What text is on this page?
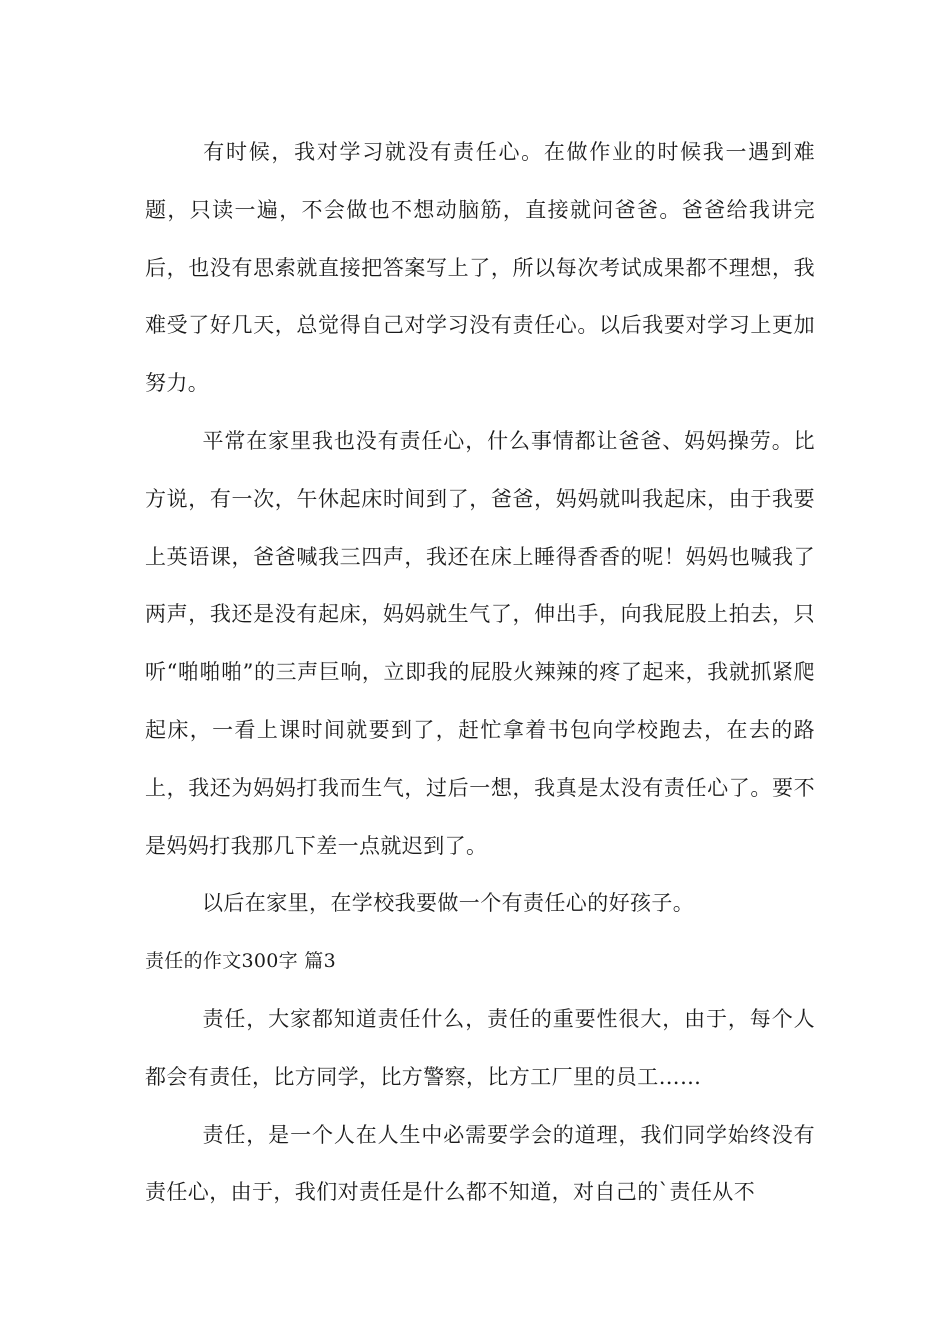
有时候，我对学习就没有责任心。在做作业的时候我一遇到难题，只读一遍，不会做也不想动脑筋，直接就问爸爸。爸爸给我讲完后，也没有思索就直接把答案写上了，所以每次考试成果都不理想，我难受了好几天，总觉得自己对学习没有责任心。以后我要对学习上更加努力。

平常在家里我也没有责任心，什么事情都让爸爸、妈妈操劳。比方说，有一次，午休起床时间到了，爸爸，妈妈就叫我起床，由于我要上英语课，爸爸喊我三四声，我还在床上睡得香香的呢！妈妈也喊我了两声，我还是没有起床，妈妈就生气了，伸出手，向我屁股上拍去，只听“啪啪啪”的三声巨响，立即我的屁股火辣辣的疼了起来，我就抓紧爬起床，一看上课时间就要到了，赶忙拿着书包向学校跑去，在去的路上，我还为妈妈打我而生气，过后一想，我真是太没有责任心了。要不是妈妈打我那几下差一点就迟到了。

以后在家里，在学校我要做一个有责任心的好孩子。

责任的作文300字 篇3

责任，大家都知道责任什么，责任的重要性很大，由于，每个人都会有责任，比方同学，比方警察，比方工厂里的员工……

责任，是一个人在人生中必需要学会的道理，我们同学始终没有责任心，由于，我们对责任是什么都不知道，对自己的`责任从不
